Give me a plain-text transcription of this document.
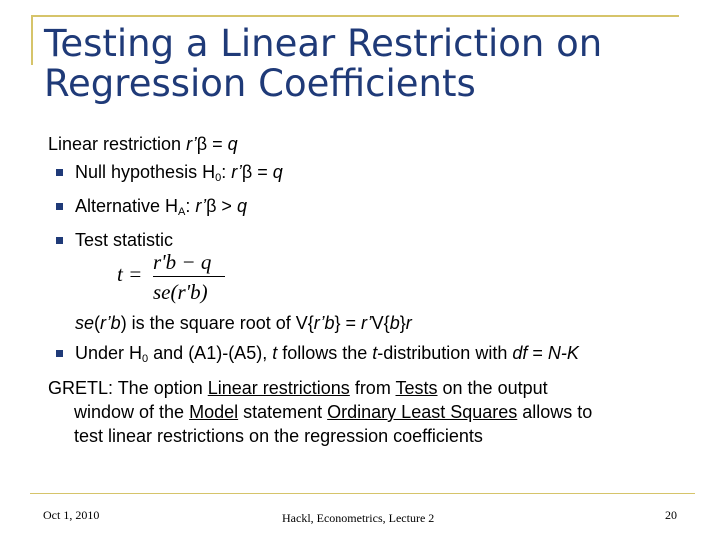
Testing a Linear Restriction on
Regression Coefficients
Linear restriction r’β = q
Null hypothesis $H_0$: r’β = q
Alternative $H_A$: r’β > q
Test statistic
t = r'b − q
se(r'b)
se(r’b) is the square root of V{r’b} = r’V{b}r
Under $H_0$ and (A1)-(A5), t follows the t-distribution with df = N-K
GRETL: The option Linear restrictions from Tests on the output
window of the Model statement Ordinary Least Squares allows to
test linear restrictions on the regression coefficients
Oct 1, 2010	Hackl, Econometrics, Lecture 2	20
